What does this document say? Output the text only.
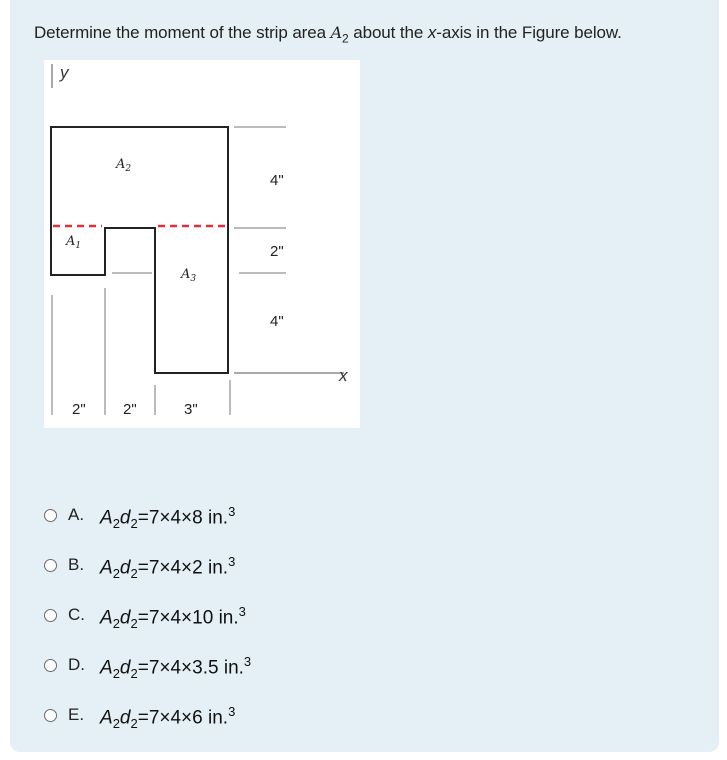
Determine the moment of the strip area $A_2$ about the x-axis in the Figure below.
y
$A_2$
$A_1$
$A_3$
x
4"
2"
4"
2" 2"	3"
A. $A_2d_2=7\times 4\times 8$ in.$^3$
B. $A_2d_2=7\times 4\times 2$ in.$^3$
C. $A_2d_2=7\times 4\times 10$ in.$^3$
D. $A_2d_2=7\times 4\times 3.5$ in.$^3$
E. $A_2d_2=7\times 4\times 6$ in.$^3$
